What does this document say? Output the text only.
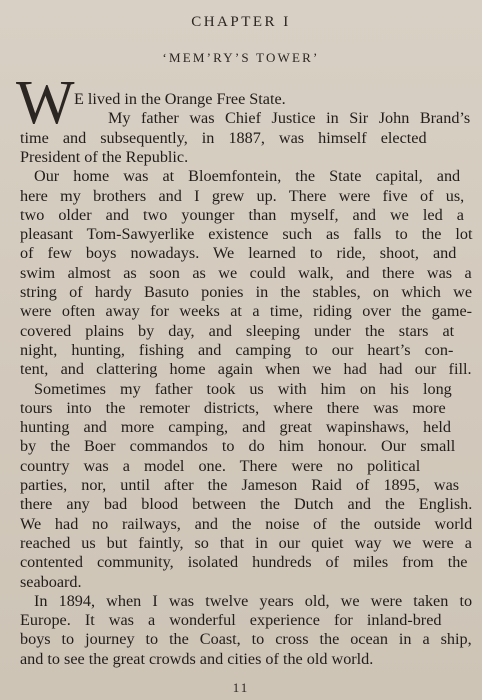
CHAPTER I
‘MEM’RY’S TOWER’
W E lived in the Orange Free State.
My father was Chief Justice in Sir John Brand’s
time and subsequently, in 1887, was himself elected
President of the Republic.
Our home was at Bloemfontein, the State capital, and
here my brothers and I grew up. There were five of us,
two older and two younger than myself, and we led a
pleasant Tom-Sawyerlike existence such as falls to the lot
of few boys nowadays. We learned to ride, shoot, and
swim almost as soon as we could walk, and there was a
string of hardy Basuto ponies in the stables, on which we
were often away for weeks at a time, riding over the game-
covered plains by day, and sleeping under the stars at
night, hunting, fishing and camping to our heart’s con-
tent, and clattering home again when we had had our fill.
Sometimes my father took us with him on his long
tours into the remoter districts, where there was more
hunting and more camping, and great wapinshaws, held
by the Boer commandos to do him honour. Our small
country was a model one. There were no political
parties, nor, until after the Jameson Raid of 1895, was
there any bad blood between the Dutch and the English.
We had no railways, and the noise of the outside world
reached us but faintly, so that in our quiet way we were a
contented community, isolated hundreds of miles from the
seaboard.
In 1894, when I was twelve years old, we were taken to
Europe. It was a wonderful experience for inland-bred
boys to journey to the Coast, to cross the ocean in a ship,
and to see the great crowds and cities of the old world.
11
